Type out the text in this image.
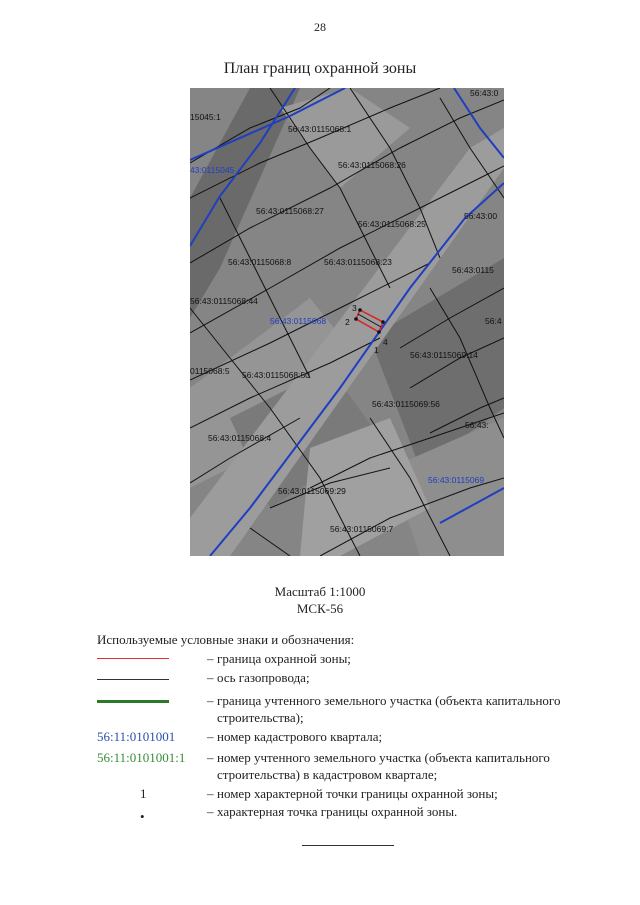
28
План границ охранной зоны
1
2
3
4
15045:1
56:43:0115068:1
56:43:0
43:0115045	56:43:0115068:26
56:43:0115068:27
56:43:0115068:25
56:43:00
56:43:0115068:8	56:43:0115068:23
56:43:0115
56:43:0115068:44
56:43:0115068	56:4
0115068:5 56:43:0115068:50
56:43:0115069:14
56:43:0115069:56
56:43:
56:43:0115068:4
56:43:0115069
56:43:0115069:29
56:43:0115069:7
Масштаб 1:1000
МСК-56
Используемые условные знаки и обозначения:
– граница охранной зоны;
– ось газопровода;
– граница учтенного земельного участка (объекта капитального строительства);
56:11:0101001	– номер кадастрового квартала;
56:11:0101001:1	– номер учтенного земельного участка (объекта капитального строительства) в кадастровом квартале;
1	– номер характерной точки границы охранной зоны;
•	– характерная точка границы охранной зоны.
